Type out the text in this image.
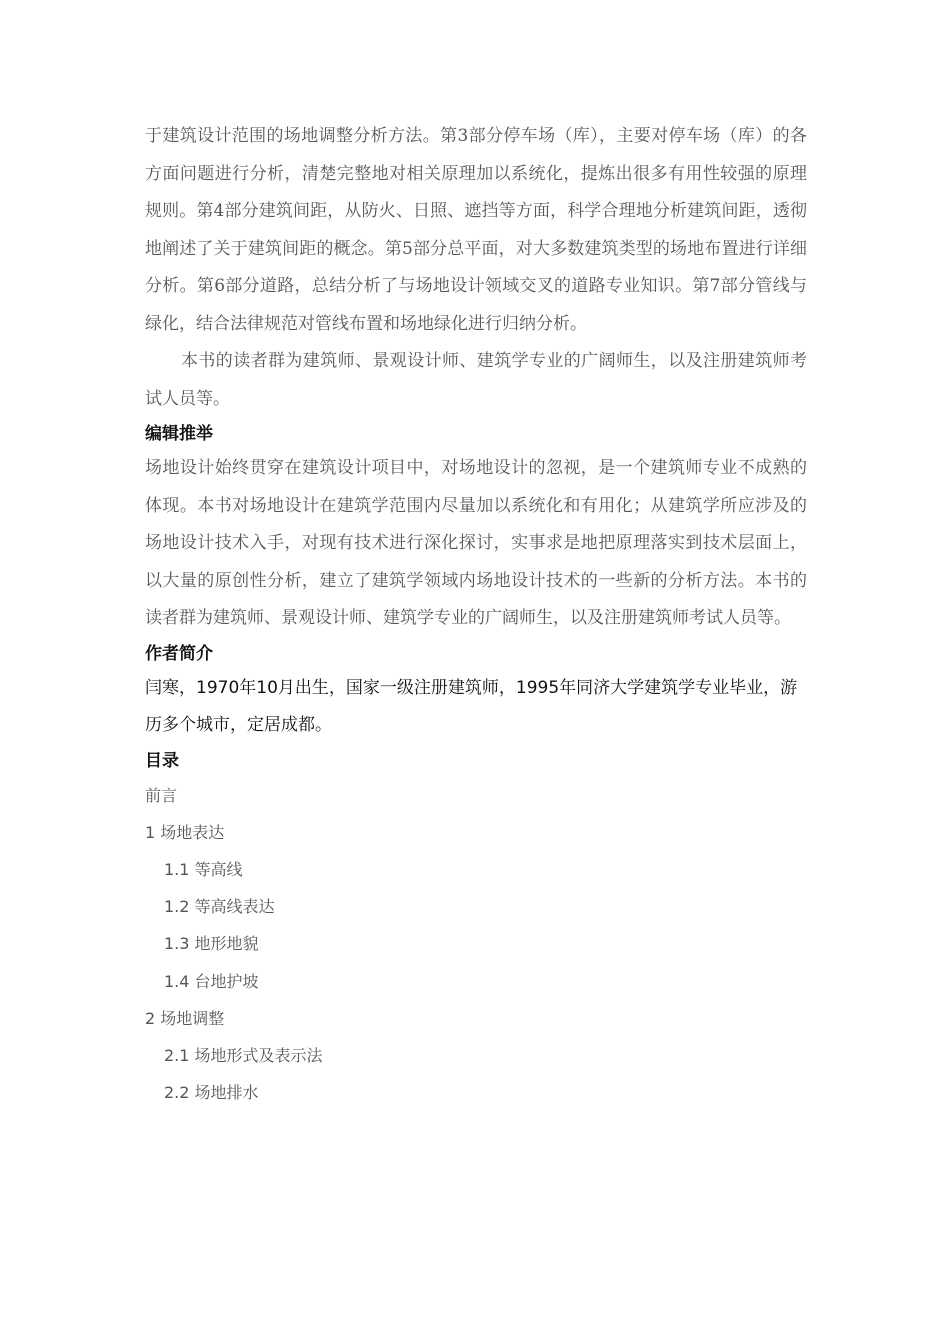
于建筑设计范围的场地调整分析方法。第3部分停车场（库），主要对停车场（库）的各方面问题进行分析，清楚完整地对相关原理加以系统化，提炼出很多有用性较强的原理规则。第4部分建筑间距，从防火、日照、遮挡等方面，科学合理地分析建筑间距，透彻地阐述了关于建筑间距的概念。第5部分总平面，对大多数建筑类型的场地布置进行详细分析。第6部分道路，总结分析了与场地设计领域交叉的道路专业知识。第7部分管线与绿化，结合法律规范对管线布置和场地绿化进行归纳分析。

本书的读者群为建筑师、景观设计师、建筑学专业的广阔师生，以及注册建筑师考试人员等。

编辑推举

场地设计始终贯穿在建筑设计项目中，对场地设计的忽视，是一个建筑师专业不成熟的体现。本书对场地设计在建筑学范围内尽量加以系统化和有用化；从建筑学所应涉及的场地设计技术入手，对现有技术进行深化探讨，实事求是地把原理落实到技术层面上，以大量的原创性分析，建立了建筑学领域内场地设计技术的一些新的分析方法。本书的读者群为建筑师、景观设计师、建筑学专业的广阔师生，以及注册建筑师考试人员等。

作者简介

闫寒，1970年10月出生，国家一级注册建筑师，1995年同济大学建筑学专业毕业，游历多个城市，定居成都。

目录
前言
1 场地表达
1.1 等高线
1.2 等高线表达
1.3 地形地貌
1.4 台地护坡
2 场地调整
2.1 场地形式及表示法
2.2 场地排水
